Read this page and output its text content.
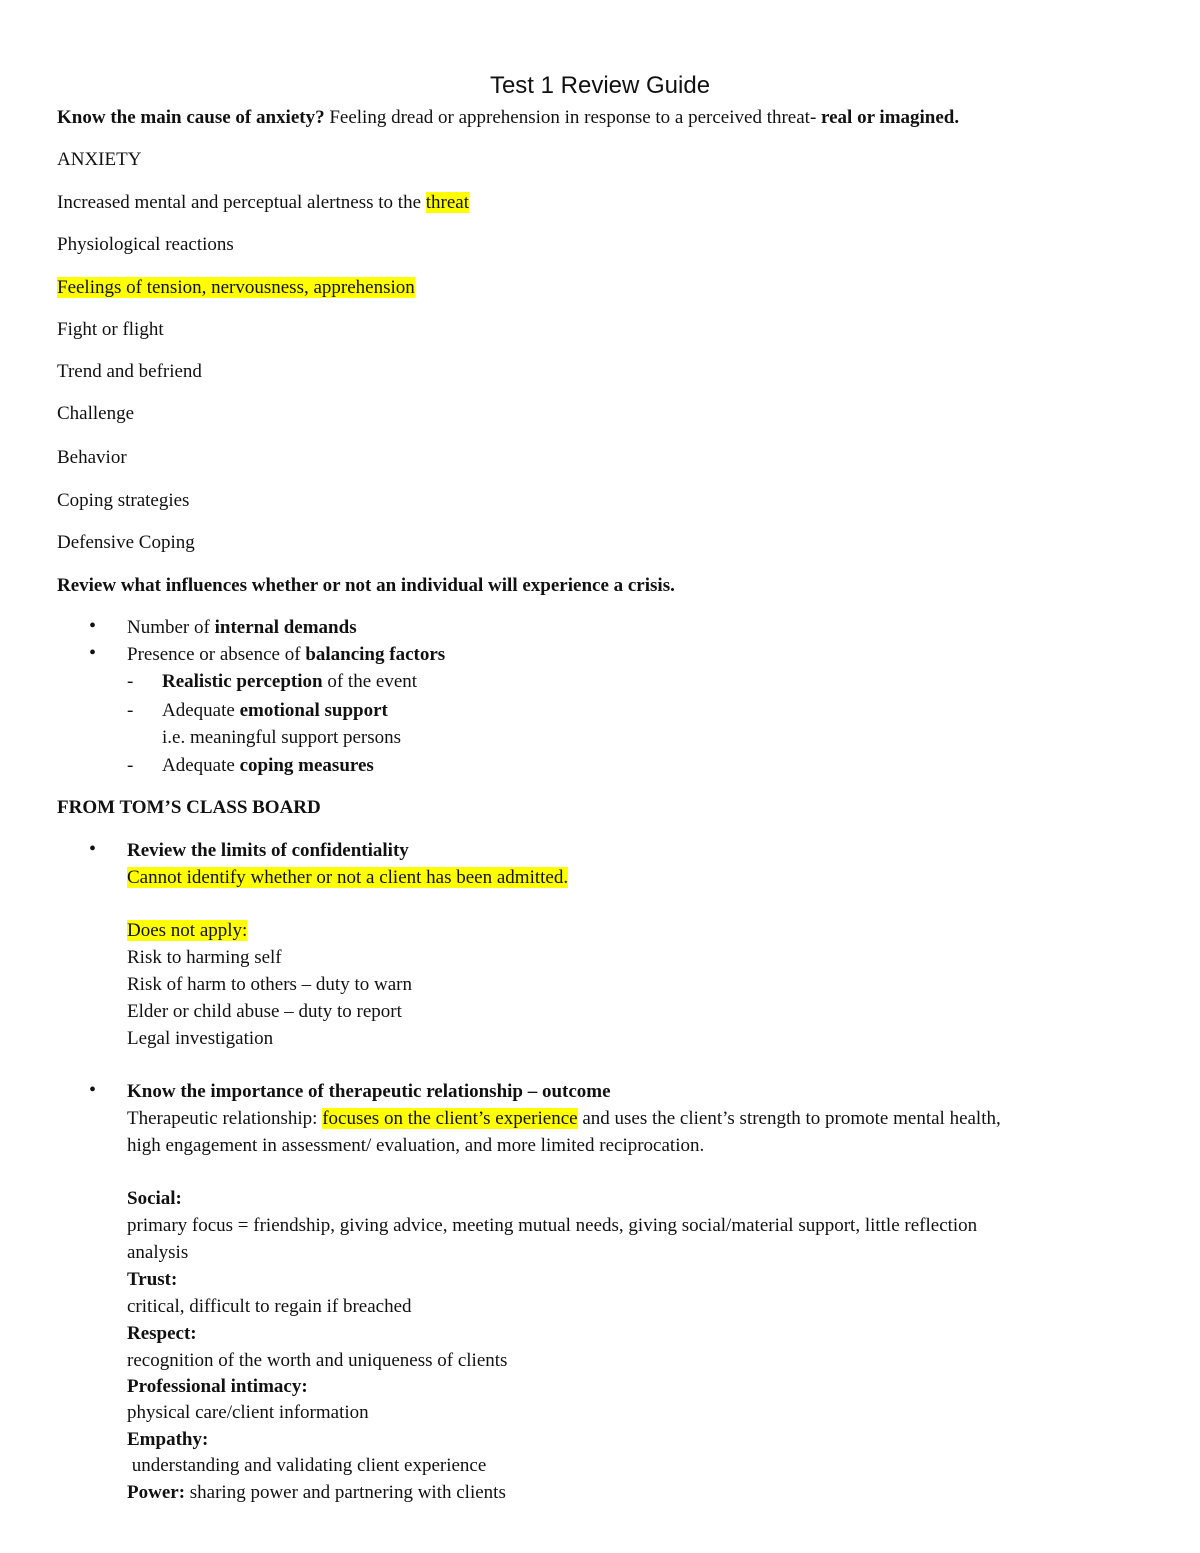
Test 1 Review Guide
Know the main cause of anxiety? Feeling dread or apprehension in response to a perceived threat- real or imagined.
ANXIETY
Increased mental and perceptual alertness to the threat
Physiological reactions
Feelings of tension, nervousness, apprehension
Fight or flight
Trend and befriend
Challenge
Behavior
Coping strategies
Defensive Coping
Review what influences whether or not an individual will experience a crisis.
• Number of internal demands
• Presence or absence of balancing factors
- Realistic perception of the event
- Adequate emotional support
i.e. meaningful support persons
- Adequate coping measures
FROM TOM’S CLASS BOARD
• Review the limits of confidentiality
Cannot identify whether or not a client has been admitted.
Does not apply:
Risk to harming self
Risk of harm to others – duty to warn
Elder or child abuse – duty to report
Legal investigation
• Know the importance of therapeutic relationship – outcome
Therapeutic relationship: focuses on the client’s experience and uses the client’s strength to promote mental health,
high engagement in assessment/ evaluation, and more limited reciprocation.
Social:
primary focus = friendship, giving advice, meeting mutual needs, giving social/material support, little reflection
analysis
Trust:
critical, difficult to regain if breached
Respect:
recognition of the worth and uniqueness of clients
Professional intimacy:
physical care/client information
Empathy:
understanding and validating client experience
Power: sharing power and partnering with clients
